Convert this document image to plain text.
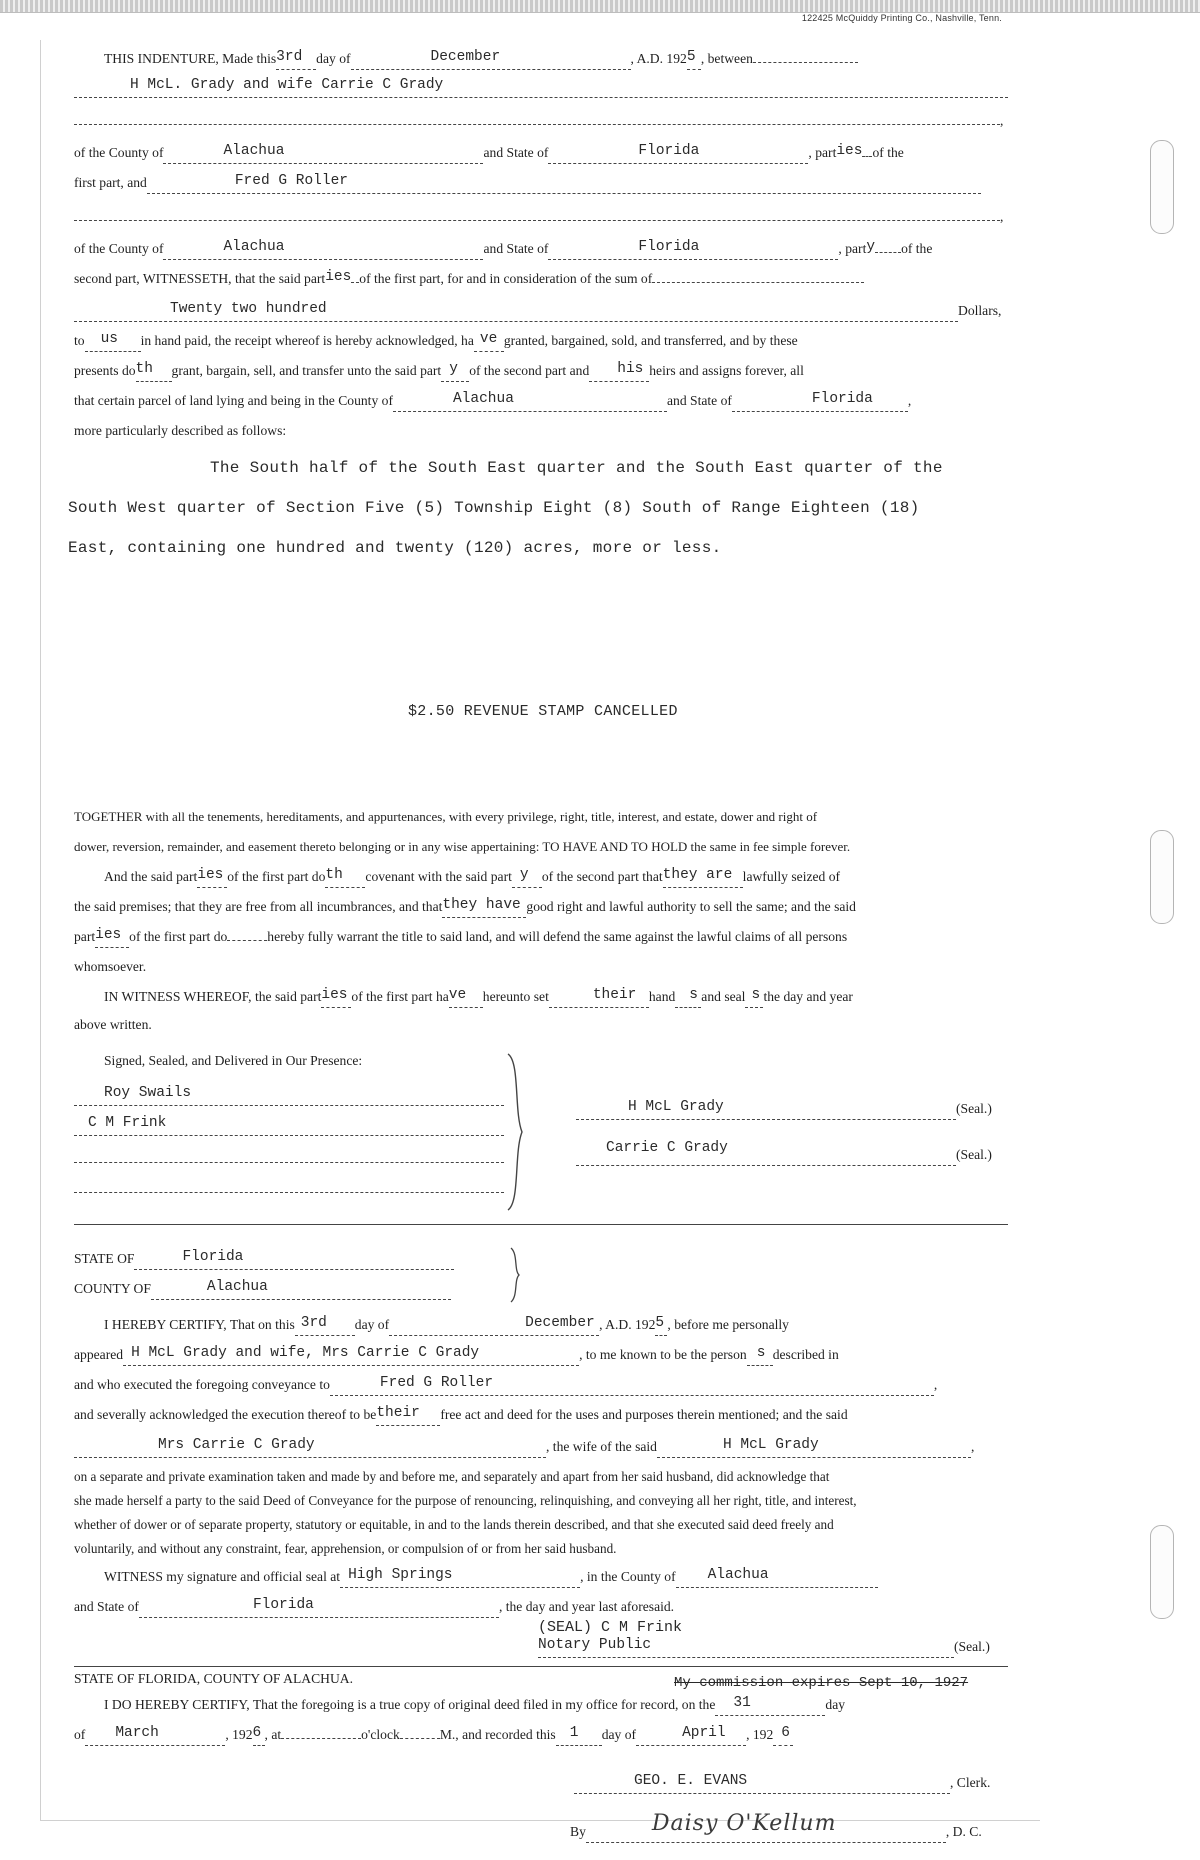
122425 McQuiddy Printing Co., Nashville, Tenn.
THIS INDENTURE, Made this3rd day of	December	, A.D. 1925 , between
H McL. Grady and wife Carrie C Grady
,
of the County of	Alachua	and State of	Florida	, parties of the
first part, and	Fred G Roller
,
of the County of	Alachua	and State of	Florida	, party of the
second part, WITNESSETH, that the said parties of the first part, for and in consideration of the sum of
Twenty two hundred	Dollars,
to us in hand paid, the receipt whereof is hereby acknowledged, ha ve granted, bargained, sold, and transferred, and by these
presents doth grant, bargain, sell, and transfer unto the said part y of the second part and his heirs and assigns forever, all
that certain parcel of land lying and being in the County of	Alachua	and State of	Florida	,
more particularly described as follows:
The South half of the South East quarter and the South East quarter of the
South West quarter of Section Five (5) Township Eight (8) South of Range Eighteen (18)
East, containing one hundred and twenty (120) acres, more or less.
$2.50 REVENUE STAMP CANCELLED
TOGETHER with all the tenements, hereditaments, and appurtenances, with every privilege, right, title, interest, and estate, dower and right of
dower, reversion, remainder, and easement thereto belonging or in any wise appertaining: TO HAVE AND TO HOLD the same in fee simple forever.
And the said parties of the first part doth covenant with the said part y of the second part thatthey are lawfully seized of
the said premises; that they are free from all incumbrances, and thatthey have good right and lawful authority to sell the same; and the said
parties of the first part do	hereby fully warrant the title to said land, and will defend the same against the lawful claims of all persons
whomsoever.
IN WITNESS WHEREOF, the said parties of the first part have hereunto set	their hand s and seal s the day and year
above written.
Signed, Sealed, and Delivered in Our Presence:
Roy Swails
C M Frink
H McL Grady	(Seal.)
Carrie C Grady	(Seal.)
STATE OF	Florida
COUNTY OF	Alachua
I HEREBY CERTIFY, That on this 3rd day of	December , A.D. 1925 , before me personally
appeared H McL Grady and wife, Mrs Carrie C Grady	, to me known to be the person s described in
and who executed the foregoing conveyance to	Fred G Roller	,
and severally acknowledged the execution thereof to betheir free act and deed for the uses and purposes therein mentioned; and the said
Mrs Carrie C Grady	, the wife of the said	H McL Grady	,
on a separate and private examination taken and made by and before me, and separately and apart from her said husband, did acknowledge that
she made herself a party to the said Deed of Conveyance for the purpose of renouncing, relinquishing, and conveying all her right, title, and interest,
whether of dower or of separate property, statutory or equitable, in and to the lands therein described, and that she executed said deed freely and
voluntarily, and without any constraint, fear, apprehension, or compulsion of or from her said husband.
WITNESS my signature and official seal at High Springs	, in the County of Alachua
and State of	Florida	, the day and year last aforesaid.
(SEAL) C M Frink
Notary Public	(Seal.)
My commission expires Sept 10, 1927
STATE OF FLORIDA, COUNTY OF ALACHUA.
I DO HEREBY CERTIFY, That the foregoing is a true copy of original deed filed in my office for record, on the 31	day
of March	, 1926 , at	o'clock	M., and recorded this 1 day of	April , 192 6
GEO. E. EVANS	, Clerk.
By	Daisy O'Kellum	, D. C.
